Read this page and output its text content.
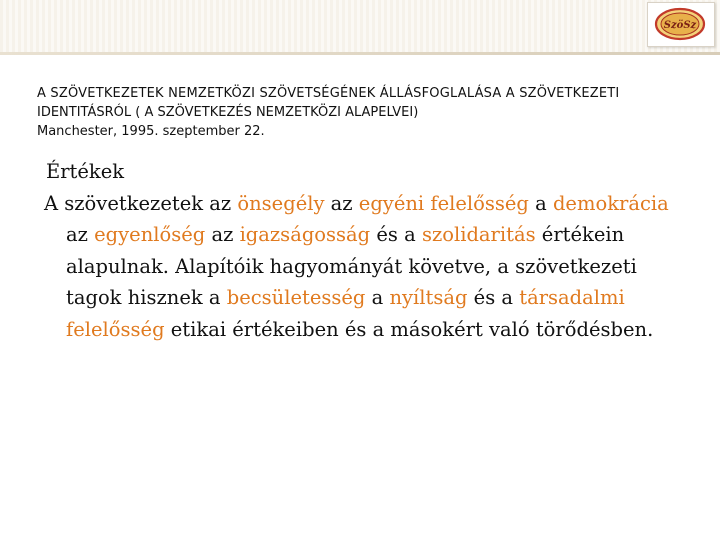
SzöSz
A SZÖVETKEZETEK NEMZETKÖZI SZÖVETSÉGÉNEK ÁLLÁSFOGLALÁSA A SZÖVETKEZETI
IDENTITÁSRÓL ( A SZÖVETKEZÉS NEMZETKÖZI ALAPELVEI)
Manchester, 1995. szeptember 22.

Értékek

A szövetkezetek az önsegély az egyéni felelősség a demokrácia az egyenlőség az igazságosság és a szolidaritás értékein alapulnak. Alapítóik hagyományát követve, a szövetkezeti tagok hisznek a becsületesség a nyíltság és a társadalmi felelősség etikai értékeiben és a másokért való törődésben.
